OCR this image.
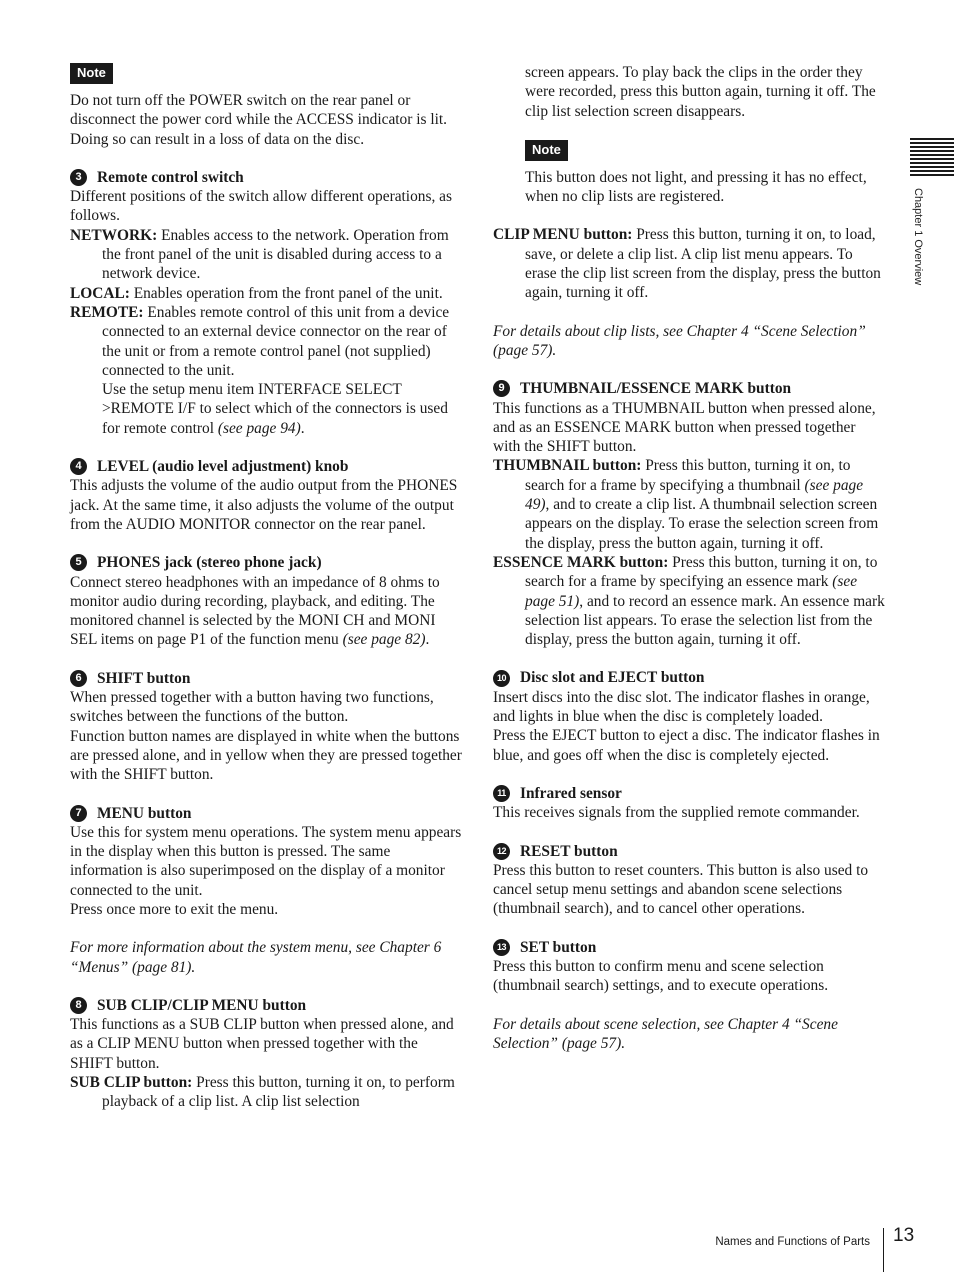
Note

Do not turn off the POWER switch on the rear panel or disconnect the power cord while the ACCESS indicator is lit. Doing so can result in a loss of data on the disc.

3	Remote control switch

Different positions of the switch allow different operations, as follows.

NETWORK: Enables access to the network. Operation from the front panel of the unit is disabled during access to a network device.

LOCAL: Enables operation from the front panel of the unit.

REMOTE: Enables remote control of this unit from a device connected to an external device connector on the rear of the unit or from a remote control panel (not supplied) connected to the unit.

Use the setup menu item INTERFACE SELECT >REMOTE I/F to select which of the connectors is used for remote control (see page 94).

4	LEVEL (audio level adjustment) knob

This adjusts the volume of the audio output from the PHONES jack. At the same time, it also adjusts the volume of the output from the AUDIO MONITOR connector on the rear panel.

5	PHONES jack (stereo phone jack)

Connect stereo headphones with an impedance of 8 ohms to monitor audio during recording, playback, and editing. The monitored channel is selected by the MONI CH and MONI SEL items on page P1 of the function menu (see page 82).

6	SHIFT button

When pressed together with a button having two functions, switches between the functions of the button.

Function button names are displayed in white when the buttons are pressed alone, and in yellow when they are pressed together with the SHIFT button.

7	MENU button

Use this for system menu operations. The system menu appears in the display when this button is pressed. The same information is also superimposed on the display of a monitor connected to the unit.

Press once more to exit the menu.

For more information about the system menu, see Chapter 6 “Menus” (page 81).

8	SUB CLIP/CLIP MENU button

This functions as a SUB CLIP button when pressed alone, and as a CLIP MENU button when pressed together with the SHIFT button.

SUB CLIP button: Press this button, turning it on, to perform playback of a clip list. A clip list selection

screen appears. To play back the clips in the order they were recorded, press this button again, turning it off. The clip list selection screen disappears.

Note

This button does not light, and pressing it has no effect, when no clip lists are registered.

CLIP MENU button: Press this button, turning it on, to load, save, or delete a clip list. A clip list menu appears. To erase the clip list screen from the display, press the button again, turning it off.

For details about clip lists, see Chapter 4 “Scene Selection” (page 57).

9	THUMBNAIL/ESSENCE MARK button

This functions as a THUMBNAIL button when pressed alone, and as an ESSENCE MARK button when pressed together with the SHIFT button.

THUMBNAIL button: Press this button, turning it on, to search for a frame by specifying a thumbnail (see page 49), and to create a clip list. A thumbnail selection screen appears on the display. To erase the selection screen from the display, press the button again, turning it off.

ESSENCE MARK button: Press this button, turning it on, to search for a frame by specifying an essence mark (see page 51), and to record an essence mark. An essence mark selection list appears. To erase the selection list from the display, press the button again, turning it off.

10 Disc slot and EJECT button

Insert discs into the disc slot. The indicator flashes in orange, and lights in blue when the disc is completely loaded.

Press the EJECT button to eject a disc. The indicator flashes in blue, and goes off when the disc is completely ejected.

11 Infrared sensor

This receives signals from the supplied remote commander.

12 RESET button

Press this button to reset counters. This button is also used to cancel setup menu settings and abandon scene selections (thumbnail search), and to cancel other operations.

13 SET button

Press this button to confirm menu and scene selection (thumbnail search) settings, and to execute operations.

For details about scene selection, see Chapter 4 “Scene Selection” (page 57).

Chapter 1 Overview
Names and Functions of Parts 13
